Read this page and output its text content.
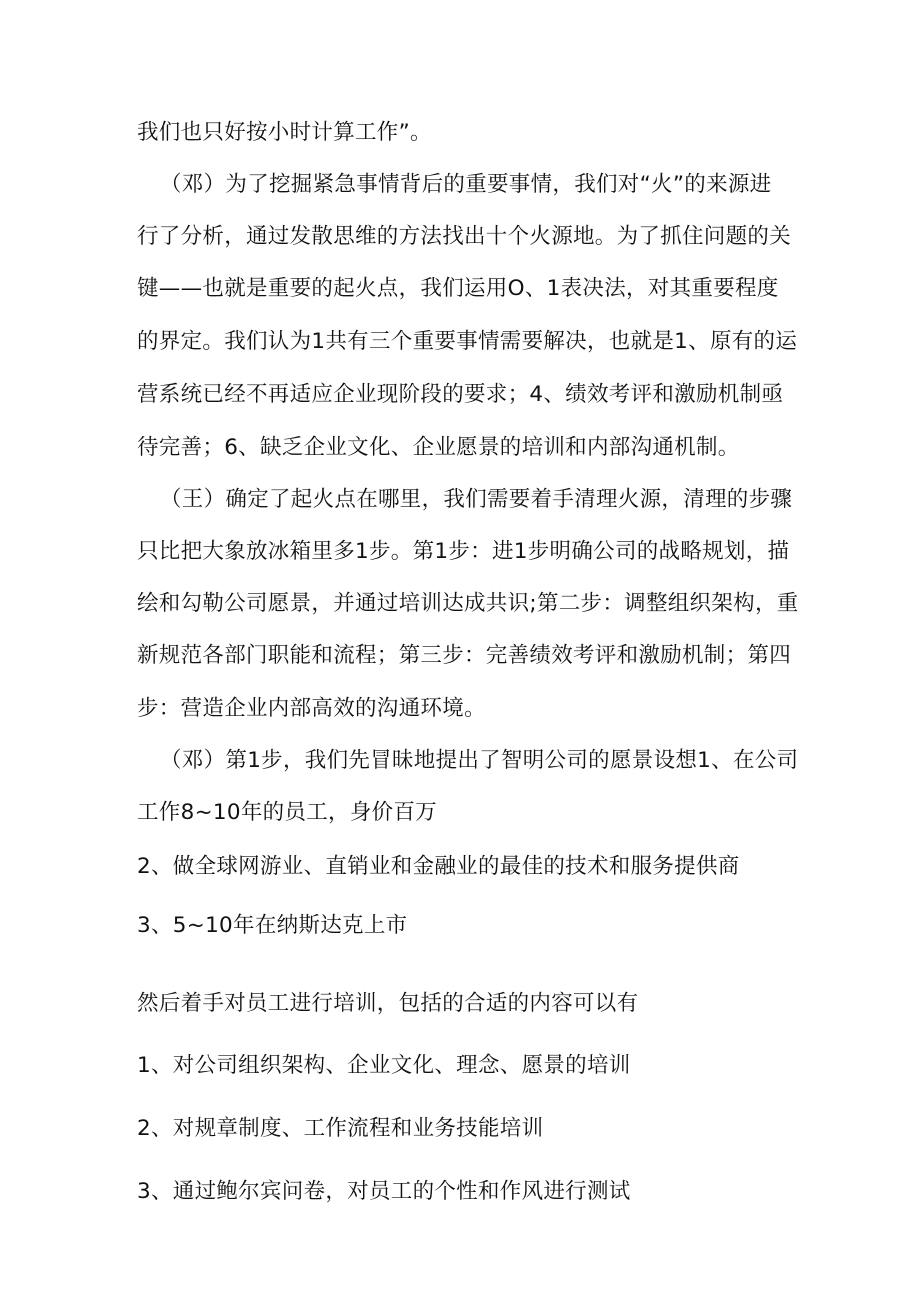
我们也只好按小时计算工作”。
（邓）为了挖掘紧急事情背后的重要事情，我们对“火”的来源进
行了分析，通过发散思维的方法找出十个火源地。为了抓住问题的关
键——也就是重要的起火点，我们运用O、1表决法，对其重要程度
的界定。我们认为1共有三个重要事情需要解决，也就是1、原有的运
营系统已经不再适应企业现阶段的要求；4、绩效考评和激励机制亟
待完善；6、缺乏企业文化、企业愿景的培训和内部沟通机制。
（王）确定了起火点在哪里，我们需要着手清理火源，清理的步骤
只比把大象放冰箱里多1步。第1步：进1步明确公司的战略规划，描
绘和勾勒公司愿景，并通过培训达成共识;第二步：调整组织架构，重
新规范各部门职能和流程；第三步：完善绩效考评和激励机制；第四
步：营造企业内部高效的沟通环境。
（邓）第1步，我们先冒昧地提出了智明公司的愿景设想1、在公司
工作8~10年的员工，身价百万
2、做全球网游业、直销业和金融业的最佳的技术和服务提供商
3、5~10年在纳斯达克上市
然后着手对员工进行培训，包括的合适的内容可以有
1、对公司组织架构、企业文化、理念、愿景的培训
2、对规章制度、工作流程和业务技能培训
3、通过鲍尔宾问卷，对员工的个性和作风进行测试
